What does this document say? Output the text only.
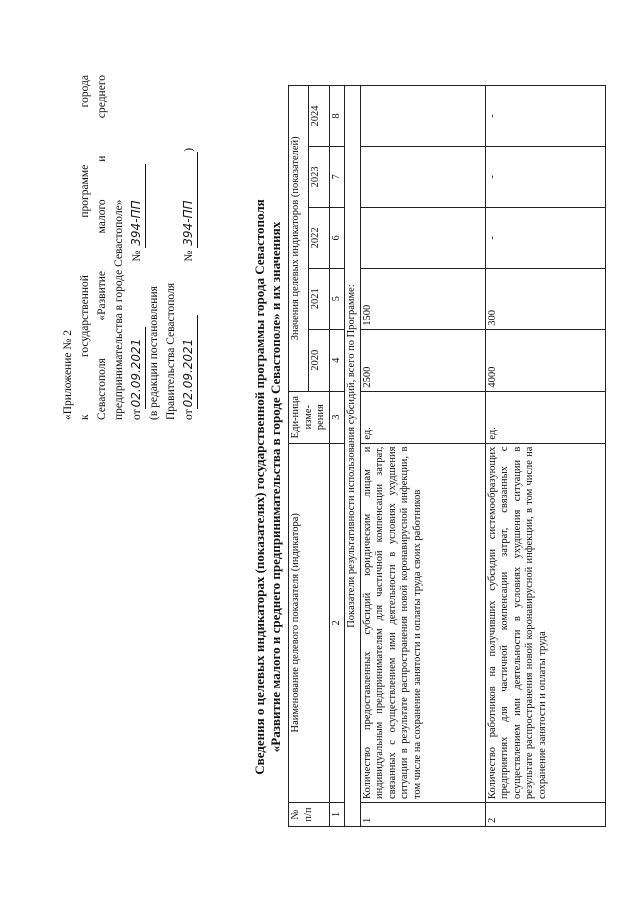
«Приложение № 2 к государственной программе города Севастополя «Развитие малого и среднего предпринимательства в городе Севастополе» от02.09.2021  № 394-ПП
(в редакции постановления Правительства Севастополя от02.09.2021  № 394-ПП)
Сведения о целевых индикаторах (показателях) государственной программы города Севастополя «Развитие малого и среднего предпринимательства в городе Севастополе» и их значениях
№ п/п	Наименование целевого показателя (индикатора)	Еди-ница изме-рения	Значения целевых индикаторов (показателей)				
			2020	2021	2022	2023	2024
1	2	3	4	5	6	7	8
Показатели результативности использования субсидий, всего по Программе:							
1	Количество предоставленных субсидий юридическим лицам и индивидуальным предпринимателям для частичной компенсации затрат, связанных с осуществлением ими деятельности в условиях ухудшения ситуации в результате распространения новой коронавирусной инфекции, в том числе на сохранение занятости и оплаты труда своих работников	ед.	2500	1500			
2	Количество работников на получивших субсидии системообразующих предприятиях для частичной компенсации затрат, связанных с осуществлением ими деятельности в условиях ухудшения ситуации в результате распространения новой коронавирусной инфекции, в том числе на сохранение занятости и оплаты труда	ед.	4000	300	-	-	-
